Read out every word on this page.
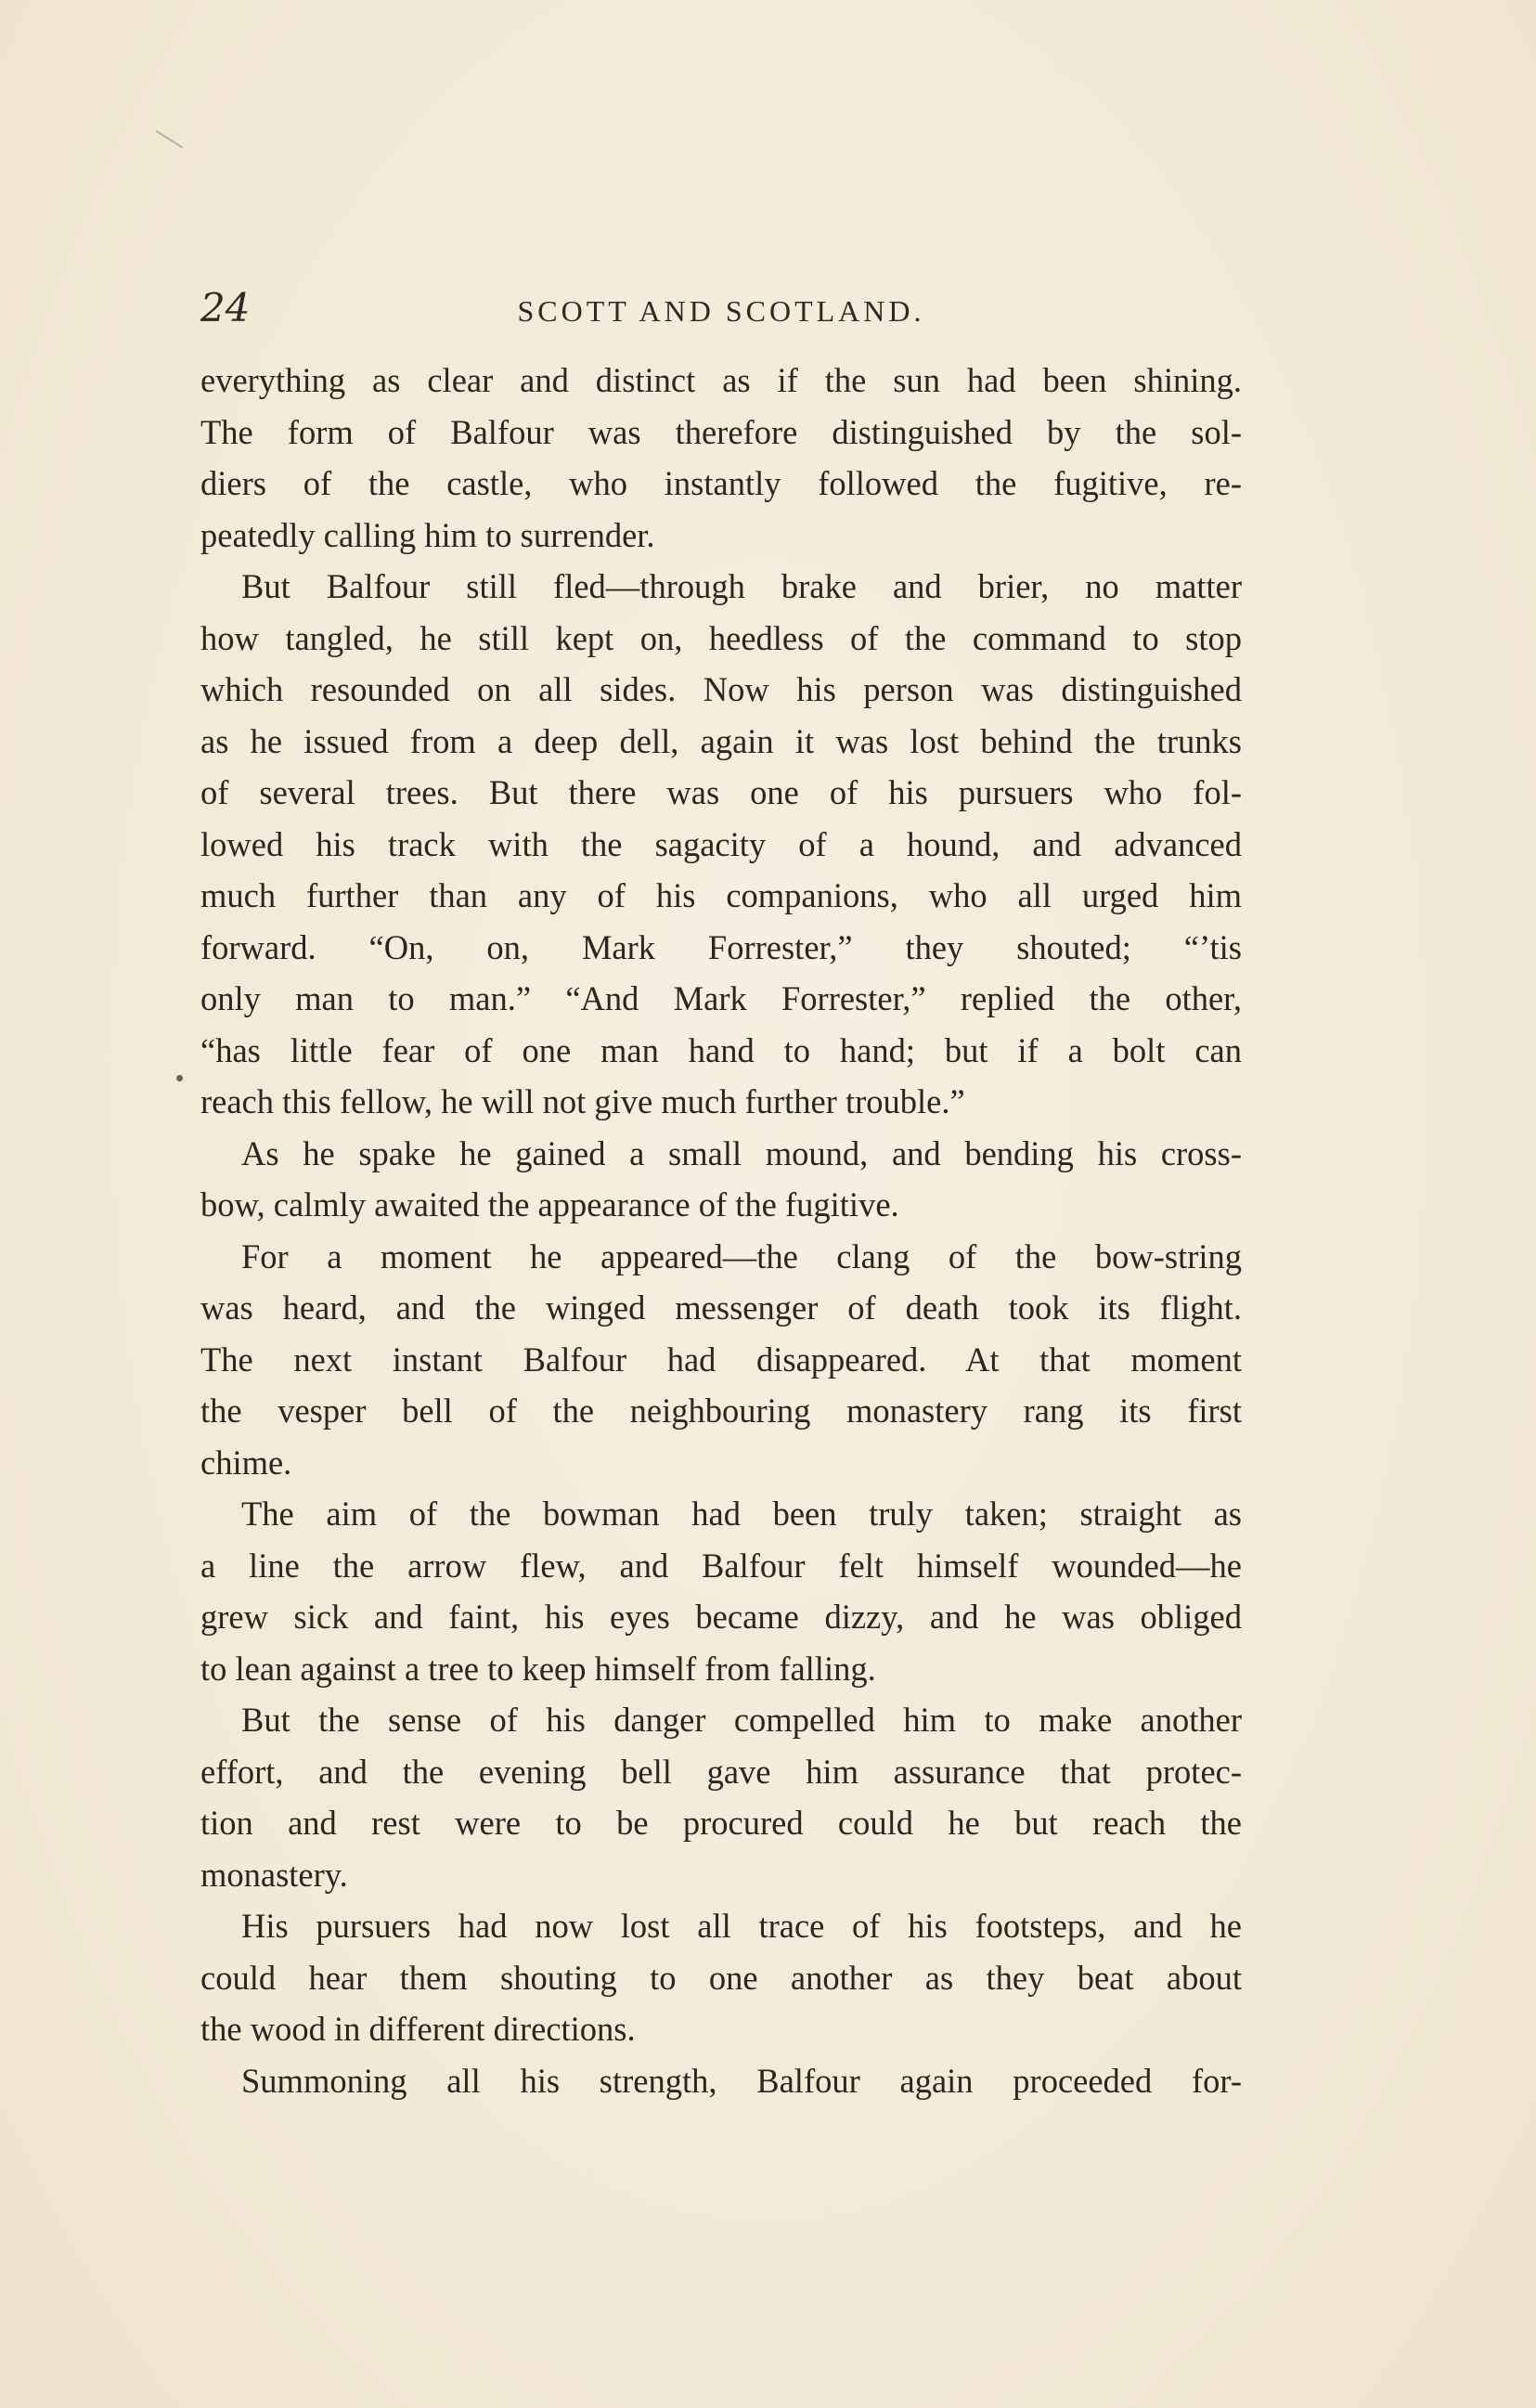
24	SCOTT AND SCOTLAND.
everything as clear and distinct as if the sun had been shining.
The form of Balfour was therefore distinguished by the sol-
diers of the castle, who instantly followed the fugitive, re-
peatedly calling him to surrender.
But Balfour still fled—through brake and brier, no matter
how tangled, he still kept on, heedless of the command to stop
which resounded on all sides. Now his person was distinguished
as he issued from a deep dell, again it was lost behind the trunks
of several trees. But there was one of his pursuers who fol-
lowed his track with the sagacity of a hound, and advanced
much further than any of his companions, who all urged him
forward. “On, on, Mark Forrester,” they shouted; “’tis
only man to man.” “And Mark Forrester,” replied the other,
“has little fear of one man hand to hand; but if a bolt can
reach this fellow, he will not give much further trouble.”
As he spake he gained a small mound, and bending his cross-
bow, calmly awaited the appearance of the fugitive.
For a moment he appeared—the clang of the bow-string
was heard, and the winged messenger of death took its flight.
The next instant Balfour had disappeared. At that moment
the vesper bell of the neighbouring monastery rang its first
chime.
The aim of the bowman had been truly taken; straight as
a line the arrow flew, and Balfour felt himself wounded—he
grew sick and faint, his eyes became dizzy, and he was obliged
to lean against a tree to keep himself from falling.
But the sense of his danger compelled him to make another
effort, and the evening bell gave him assurance that protec-
tion and rest were to be procured could he but reach the
monastery.
His pursuers had now lost all trace of his footsteps, and he
could hear them shouting to one another as they beat about
the wood in different directions.
Summoning all his strength, Balfour again proceeded for-
